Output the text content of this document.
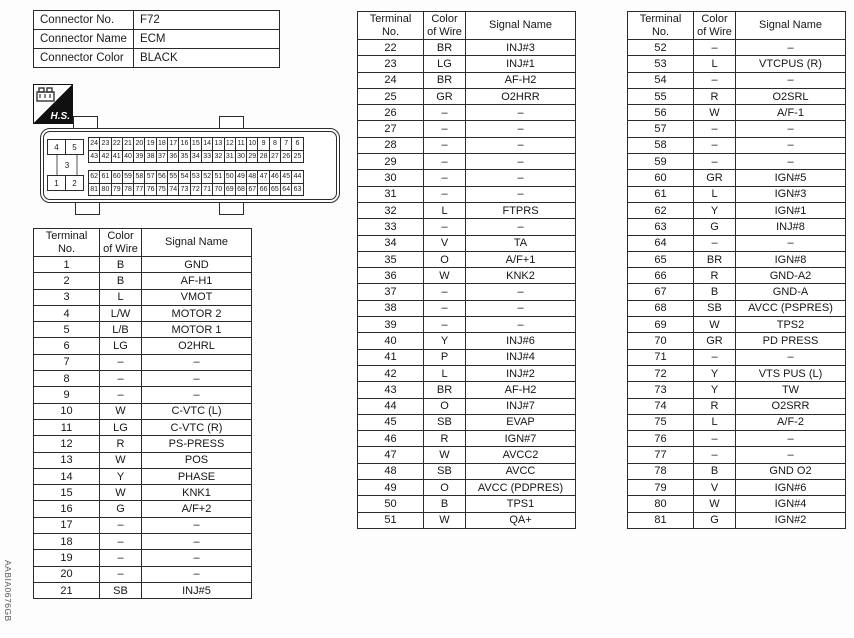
AABIA0676GB
Connector No.	F72
Connector Name	ECM
Connector Color	BLACK
H.S.
4	5
3
1	2
24 23 22 21 20 19 18 17 16 15 14 13 12 11 10 9	8	7	6
43 42 41 40 39 38 37 36 35 34 33 32 31 30 29 28 27 26 25
62 61 60 59 58 57 56 55 54 53 52 51 50 49 48 47 46 45 44
81 80 79 78 77 76 75 74 73 72 71 70 69 68 67 66 65 64 63
Terminal No.	Color of Wire	Signal Name
1	B	GND
2	B	AF-H1
3	L	VMOT
4	L/W	MOTOR 2
5	L/B	MOTOR 1
6	LG	O2HRL
7	–	–
8	–	–
9	–	–
10	W	C-VTC (L)
11	LG	C-VTC (R)
12	R	PS-PRESS
13	W	POS
14	Y	PHASE
15	W	KNK1
16	G	A/F+2
17	–	–
18	–	–
19	–	–
20	–	–
21	SB	INJ#5
Terminal No.	Color of Wire	Signal Name
22	BR	INJ#3
23	LG	INJ#1
24	BR	AF-H2
25	GR	O2HRR
26	–	–
27	–	–
28	–	–
29	–	–
30	–	–
31	–	–
32	L	FTPRS
33	–	–
34	V	TA
35	O	A/F+1
36	W	KNK2
37	–	–
38	–	–
39	–	–
40	Y	INJ#6
41	P	INJ#4
42	L	INJ#2
43	BR	AF-H2
44	O	INJ#7
45	SB	EVAP
46	R	IGN#7
47	W	AVCC2
48	SB	AVCC
49	O	AVCC (PDPRES)
50	B	TPS1
51	W	QA+
Terminal No.	Color of Wire	Signal Name
52	–	–
53	L	VTCPUS (R)
54	–	–
55	R	O2SRL
56	W	A/F-1
57	–	–
58	–	–
59	–	–
60	GR	IGN#5
61	L	IGN#3
62	Y	IGN#1
63	G	INJ#8
64	–	–
65	BR	IGN#8
66	R	GND-A2
67	B	GND-A
68	SB	AVCC (PSPRES)
69	W	TPS2
70	GR	PD PRESS
71	–	–
72	Y	VTS PUS (L)
73	Y	TW
74	R	O2SRR
75	L	A/F-2
76	–	–
77	–	–
78	B	GND O2
79	V	IGN#6
80	W	IGN#4
81	G	IGN#2
